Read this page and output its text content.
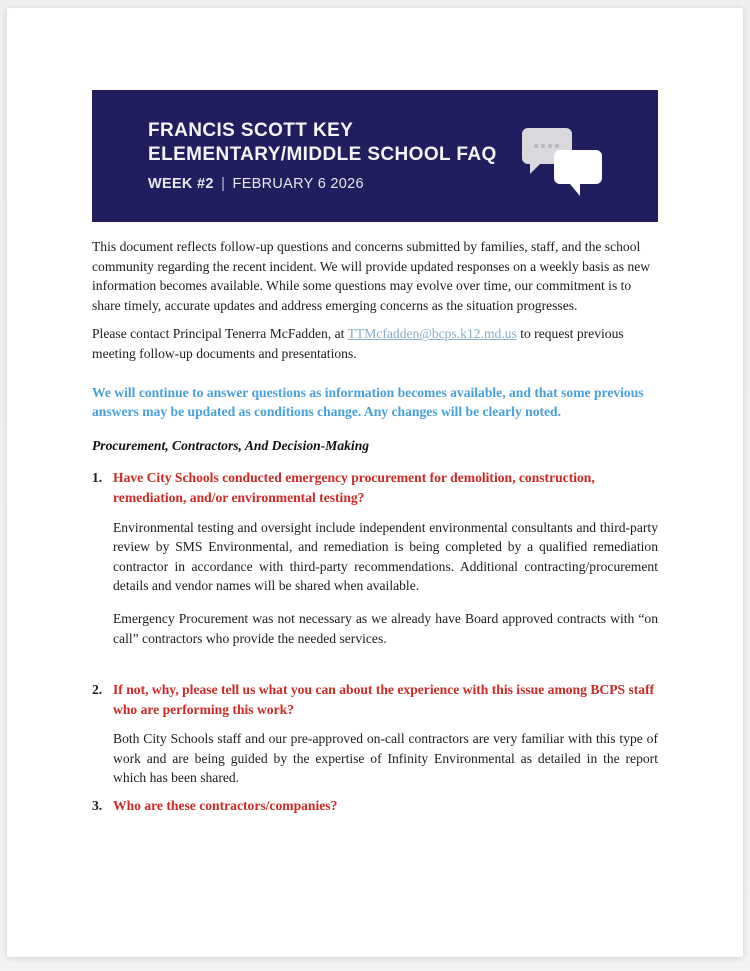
FRANCIS SCOTT KEY
ELEMENTARY/MIDDLE SCHOOL FAQ
WEEK #2 | FEBRUARY 6 2026

This document reflects follow-up questions and concerns submitted by families, staff, and the school community regarding the recent incident. We will provide updated responses on a weekly basis as new information becomes available. While some questions may evolve over time, our commitment is to share timely, accurate updates and address emerging concerns as the situation progresses.

Please contact Principal Tenerra McFadden, at TTMcfadden@bcps.k12.md.us to request previous meeting follow-up documents and presentations.

We will continue to answer questions as information becomes available, and that some previous answers may be updated as conditions change. Any changes will be clearly noted.

Procurement, Contractors, And Decision-Making

1. Have City Schools conducted emergency procurement for demolition, construction, remediation, and/or environmental testing?

Environmental testing and oversight include independent environmental consultants and third-party review by SMS Environmental, and remediation is being completed by a qualified remediation contractor in accordance with third-party recommendations. Additional contracting/procurement details and vendor names will be shared when available.

Emergency Procurement was not necessary as we already have Board approved contracts with “on call” contractors who provide the needed services.

2. If not, why, please tell us what you can about the experience with this issue among BCPS staff who are performing this work?

Both City Schools staff and our pre-approved on-call contractors are very familiar with this type of work and are being guided by the expertise of Infinity Environmental as detailed in the report which has been shared.

3. Who are these contractors/companies?
